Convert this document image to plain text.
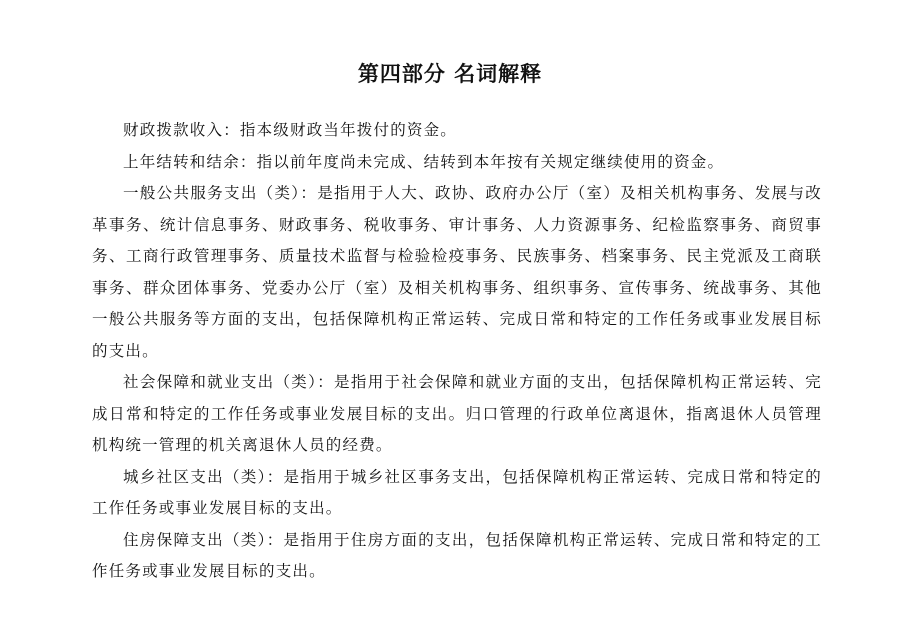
第四部分 名词解释

财政拨款收入：指本级财政当年拨付的资金。

上年结转和结余：指以前年度尚未完成、结转到本年按有关规定继续使用的资金。

一般公共服务支出（类）：是指用于人大、政协、政府办公厅（室）及相关机构事务、发展与改革事务、统计信息事务、财政事务、税收事务、审计事务、人力资源事务、纪检监察事务、商贸事务、工商行政管理事务、质量技术监督与检验检疫事务、民族事务、档案事务、民主党派及工商联事务、群众团体事务、党委办公厅（室）及相关机构事务、组织事务、宣传事务、统战事务、其他一般公共服务等方面的支出，包括保障机构正常运转、完成日常和特定的工作任务或事业发展目标的支出。

社会保障和就业支出（类）：是指用于社会保障和就业方面的支出，包括保障机构正常运转、完成日常和特定的工作任务或事业发展目标的支出。归口管理的行政单位离退休，指离退休人员管理机构统一管理的机关离退休人员的经费。

城乡社区支出（类）：是指用于城乡社区事务支出，包括保障机构正常运转、完成日常和特定的工作任务或事业发展目标的支出。

住房保障支出（类）：是指用于住房方面的支出，包括保障机构正常运转、完成日常和特定的工作任务或事业发展目标的支出。
